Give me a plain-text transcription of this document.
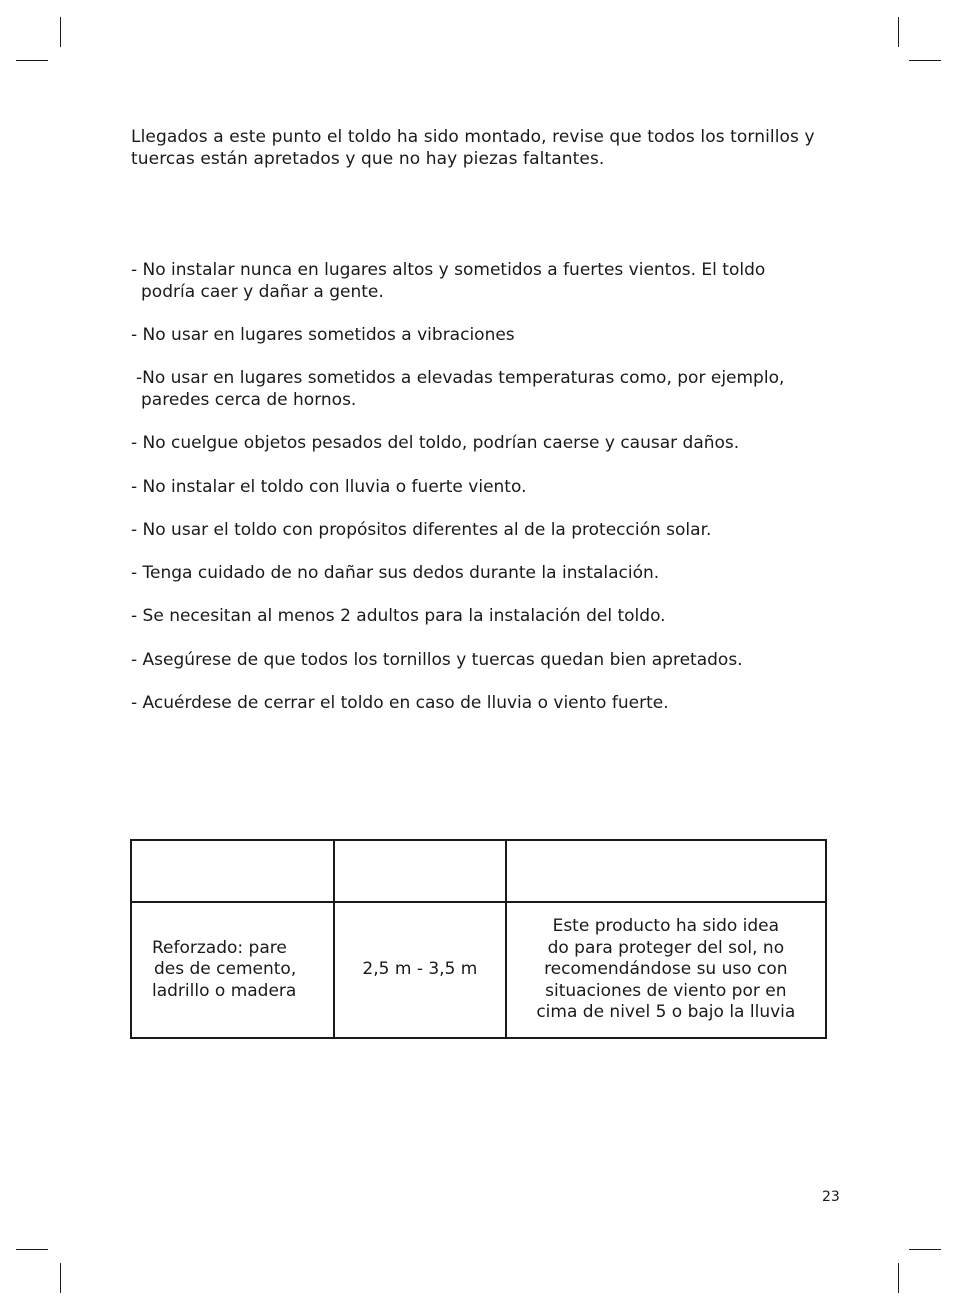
Llegados a este punto el toldo ha sido montado, revise que todos los tornillos y tuercas están apretados y que no hay piezas faltantes.

- No instalar nunca en lugares altos y sometidos a fuertes vientos. El toldo
podría caer y dañar a gente.
- No usar en lugares sometidos a vibraciones
-No usar en lugares sometidos a elevadas temperaturas como, por ejemplo,
paredes cerca de hornos.
- No cuelgue objetos pesados del toldo, podrían caerse y causar daños.
- No instalar el toldo con lluvia o fuerte viento.
- No usar el toldo con propósitos diferentes al de la protección solar.
- Tenga cuidado de no dañar sus dedos durante la instalación.
- Se necesitan al menos 2 adultos para la instalación del toldo.
- Asegúrese de que todos los tornillos y tuercas quedan bien apretados.
- Acuérdese de cerrar el toldo en caso de lluvia o viento fuerte.

Reforzado: pare
des de cemento,
ladrillo o madera	2,5 m - 3,5 m	Este producto ha sido idea
do para proteger del sol, no
recomendándose su uso con
situaciones de viento por en
cima de nivel 5 o bajo la lluvia
23
